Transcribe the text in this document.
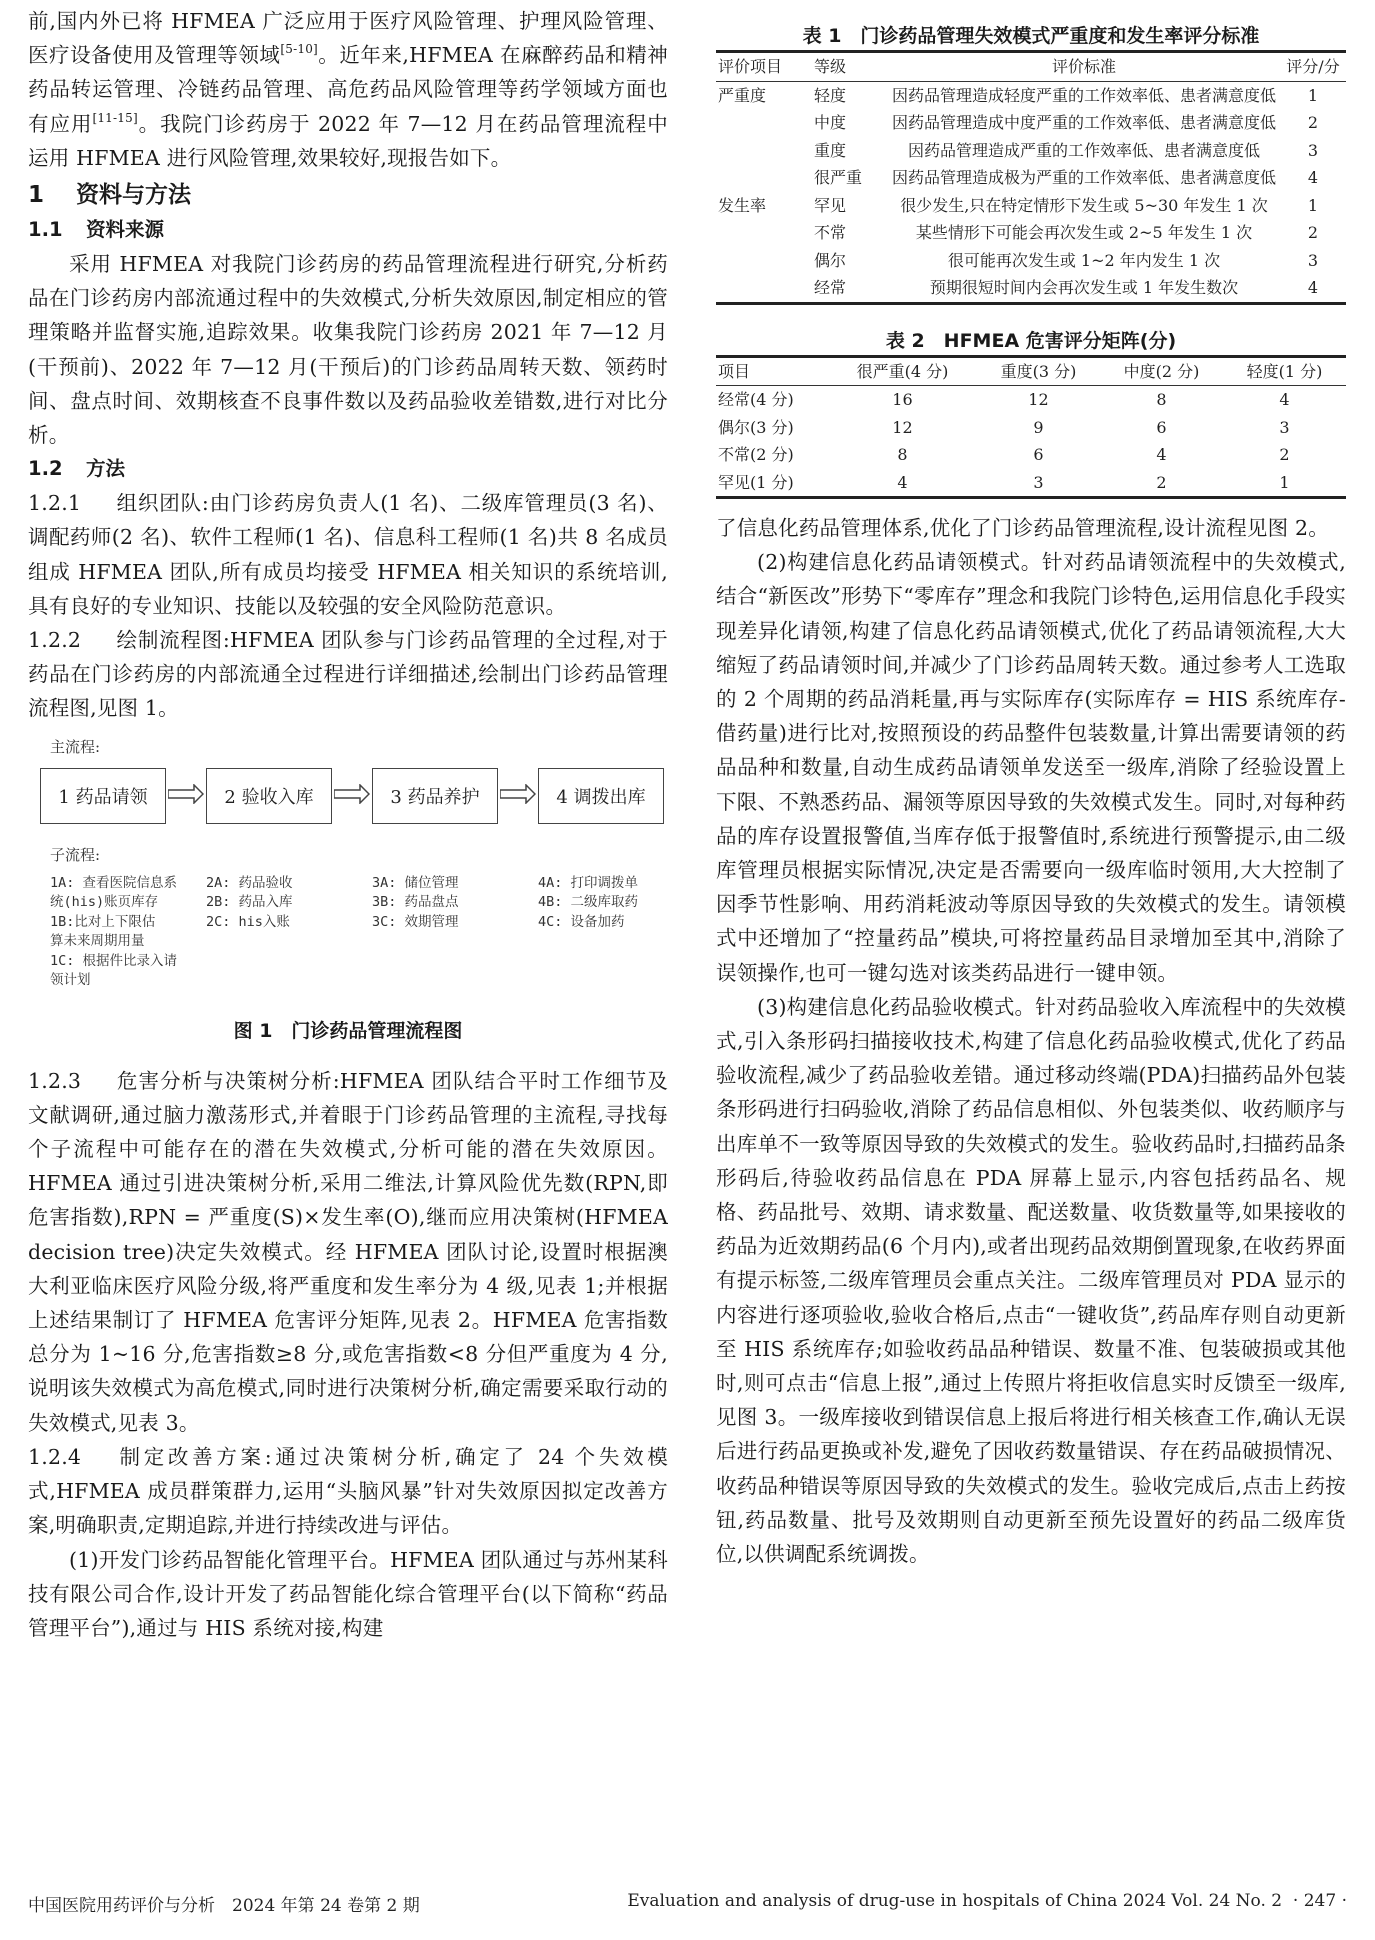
前,国内外已将 HFMEA 广泛应用于医疗风险管理、护理风险管理、医疗设备使用及管理等领域[5-10]。近年来,HFMEA 在麻醉药品和精神药品转运管理、冷链药品管理、高危药品风险管理等药学领域方面也有应用[11-15]。我院门诊药房于 2022 年 7—12 月在药品管理流程中运用 HFMEA 进行风险管理,效果较好,现报告如下。

1 资料与方法
1.1 资料来源

采用 HFMEA 对我院门诊药房的药品管理流程进行研究,分析药品在门诊药房内部流通过程中的失效模式,分析失效原因,制定相应的管理策略并监督实施,追踪效果。收集我院门诊药房 2021 年 7—12 月(干预前)、2022 年 7—12 月(干预后)的门诊药品周转天数、领药时间、盘点时间、效期核查不良事件数以及药品验收差错数,进行对比分析。

1.2 方法

1.2.1 组织团队:由门诊药房负责人(1 名)、二级库管理员(3 名)、调配药师(2 名)、软件工程师(1 名)、信息科工程师(1 名)共 8 名成员组成 HFMEA 团队,所有成员均接受 HFMEA 相关知识的系统培训,具有良好的专业知识、技能以及较强的安全风险防范意识。

1.2.2 绘制流程图:HFMEA 团队参与门诊药品管理的全过程,对于药品在门诊药房的内部流通全过程进行详细描述,绘制出门诊药品管理流程图,见图 1。

主流程:
1 药品请领	2 验收入库	3 药品养护	4 调拨出库
子流程:
1A: 查看医院信息系
统(his)账页库存
1B:比对上下限估
算未来周期用量
1C: 根据件比录入请
领计划
2A: 药品验收
2B: 药品入库
2C: his入账
3A: 储位管理
3B: 药品盘点
3C: 效期管理
4A: 打印调拨单
4B: 二级库取药
4C: 设备加药

图 1　门诊药品管理流程图

1.2.3 危害分析与决策树分析:HFMEA 团队结合平时工作细节及文献调研,通过脑力激荡形式,并着眼于门诊药品管理的主流程,寻找每个子流程中可能存在的潜在失效模式,分析可能的潜在失效原因。HFMEA 通过引进决策树分析,采用二维法,计算风险优先数(RPN,即危害指数),RPN = 严重度(S)×发生率(O),继而应用决策树(HFMEA decision tree)决定失效模式。经 HFMEA 团队讨论,设置时根据澳大利亚临床医疗风险分级,将严重度和发生率分为 4 级,见表 1;并根据上述结果制订了 HFMEA 危害评分矩阵,见表 2。HFMEA 危害指数总分为 1~16 分,危害指数≥8 分,或危害指数<8 分但严重度为 4 分,说明该失效模式为高危模式,同时进行决策树分析,确定需要采取行动的失效模式,见表 3。

1.2.4 制定改善方案:通过决策树分析,确定了 24 个失效模式,HFMEA 成员群策群力,运用“头脑风暴”针对失效原因拟定改善方案,明确职责,定期追踪,并进行持续改进与评估。

(1)开发门诊药品智能化管理平台。HFMEA 团队通过与苏州某科技有限公司合作,设计开发了药品智能化综合管理平台(以下简称“药品管理平台”),通过与 HIS 系统对接,构建

表 1　门诊药品管理失效模式严重度和发生率评分标准

评价项目	等级	评价标准	评分/分
严重度	轻度	因药品管理造成轻度严重的工作效率低、患者满意度低	1
	中度	因药品管理造成中度严重的工作效率低、患者满意度低	2
	重度	因药品管理造成严重的工作效率低、患者满意度低	3
	很严重	因药品管理造成极为严重的工作效率低、患者满意度低	4
发生率	罕见	很少发生,只在特定情形下发生或 5~30 年发生 1 次	1
	不常	某些情形下可能会再次发生或 2~5 年发生 1 次	2
	偶尔	很可能再次发生或 1~2 年内发生 1 次	3
	经常	预期很短时间内会再次发生或 1 年发生数次	4

表 2　HFMEA 危害评分矩阵(分)

项目	很严重(4 分)	重度(3 分)	中度(2 分)	轻度(1 分)
经常(4 分)	16	12	8	4
偶尔(3 分)	12	9	6	3
不常(2 分)	8	6	4	2
罕见(1 分)	4	3	2	1

了信息化药品管理体系,优化了门诊药品管理流程,设计流程见图 2。

(2)构建信息化药品请领模式。针对药品请领流程中的失效模式,结合“新医改”形势下“零库存”理念和我院门诊特色,运用信息化手段实现差异化请领,构建了信息化药品请领模式,优化了药品请领流程,大大缩短了药品请领时间,并减少了门诊药品周转天数。通过参考人工选取的 2 个周期的药品消耗量,再与实际库存(实际库存 = HIS 系统库存-借药量)进行比对,按照预设的药品整件包装数量,计算出需要请领的药品品种和数量,自动生成药品请领单发送至一级库,消除了经验设置上下限、不熟悉药品、漏领等原因导致的失效模式发生。同时,对每种药品的库存设置报警值,当库存低于报警值时,系统进行预警提示,由二级库管理员根据实际情况,决定是否需要向一级库临时领用,大大控制了因季节性影响、用药消耗波动等原因导致的失效模式的发生。请领模式中还增加了“控量药品”模块,可将控量药品目录增加至其中,消除了误领操作,也可一键勾选对该类药品进行一键申领。

(3)构建信息化药品验收模式。针对药品验收入库流程中的失效模式,引入条形码扫描接收技术,构建了信息化药品验收模式,优化了药品验收流程,减少了药品验收差错。通过移动终端(PDA)扫描药品外包装条形码进行扫码验收,消除了药品信息相似、外包装类似、收药顺序与出库单不一致等原因导致的失效模式的发生。验收药品时,扫描药品条形码后,待验收药品信息在 PDA 屏幕上显示,内容包括药品名、规格、药品批号、效期、请求数量、配送数量、收货数量等,如果接收的药品为近效期药品(6 个月内),或者出现药品效期倒置现象,在收药界面有提示标签,二级库管理员会重点关注。二级库管理员对 PDA 显示的内容进行逐项验收,验收合格后,点击“一键收货”,药品库存则自动更新至 HIS 系统库存;如验收药品品种错误、数量不准、包装破损或其他时,则可点击“信息上报”,通过上传照片将拒收信息实时反馈至一级库,见图 3。一级库接收到错误信息上报后将进行相关核查工作,确认无误后进行药品更换或补发,避免了因收药数量错误、存在药品破损情况、收药品种错误等原因导致的失效模式的发生。验收完成后,点击上药按钮,药品数量、批号及效期则自动更新至预先设置好的药品二级库货位,以供调配系统调拨。

中国医院用药评价与分析　2024 年第 24 卷第 2 期	Evaluation and analysis of drug-use in hospitals of China 2024 Vol. 24 No. 2 · 247 ·
